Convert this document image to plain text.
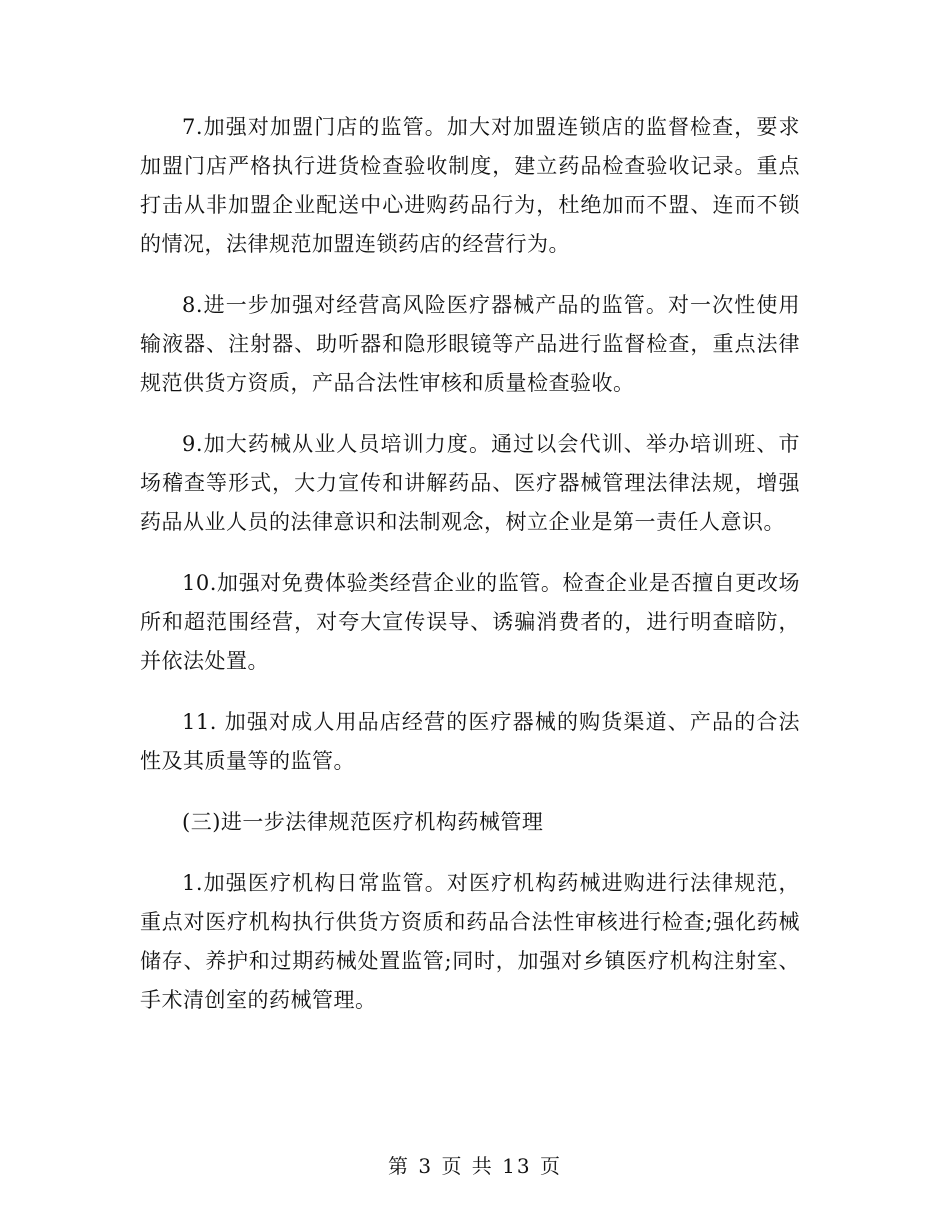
7.加强对加盟门店的监管。加大对加盟连锁店的监督检查，要求加盟门店严格执行进货检查验收制度，建立药品检查验收记录。重点打击从非加盟企业配送中心进购药品行为，杜绝加而不盟、连而不锁的情况，法律规范加盟连锁药店的经营行为。

8.进一步加强对经营高风险医疗器械产品的监管。对一次性使用输液器、注射器、助听器和隐形眼镜等产品进行监督检查，重点法律规范供货方资质，产品合法性审核和质量检查验收。

9.加大药械从业人员培训力度。通过以会代训、举办培训班、市场稽查等形式，大力宣传和讲解药品、医疗器械管理法律法规，增强药品从业人员的法律意识和法制观念，树立企业是第一责任人意识。

10.加强对免费体验类经营企业的监管。检查企业是否擅自更改场所和超范围经营，对夸大宣传误导、诱骗消费者的，进行明查暗防，并依法处置。

11. 加强对成人用品店经营的医疗器械的购货渠道、产品的合法性及其质量等的监管。

(三)进一步法律规范医疗机构药械管理

1.加强医疗机构日常监管。对医疗机构药械进购进行法律规范，重点对医疗机构执行供货方资质和药品合法性审核进行检查;强化药械储存、养护和过期药械处置监管;同时，加强对乡镇医疗机构注射室、手术清创室的药械管理。

第 3 页 共 13 页
